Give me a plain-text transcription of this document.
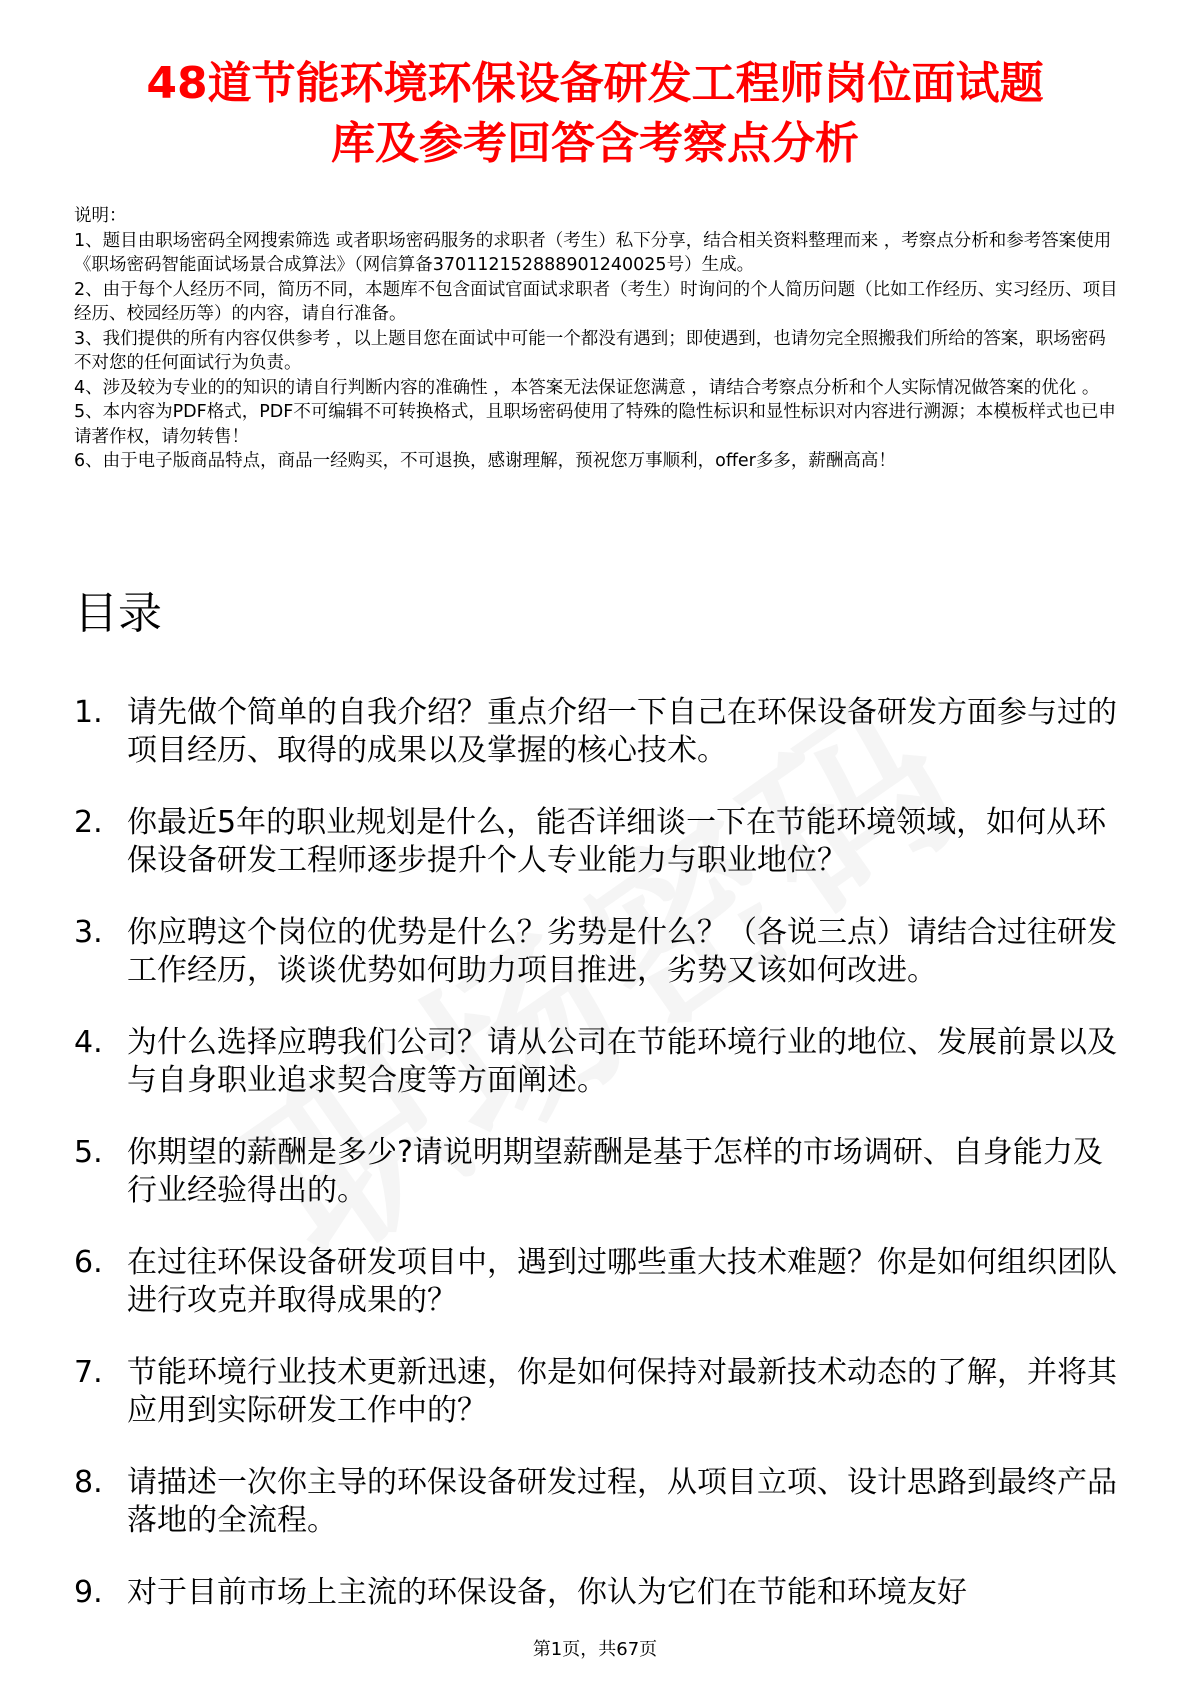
48道节能环境环保设备研发工程师岗位面试题
库及参考回答含考察点分析

说明：

1、题目由职场密码全网搜索筛选 或者职场密码服务的求职者（考生）私下分享，结合相关资料整理而来 ，考察点分析和参考答案使用《职场密码智能面试场景合成算法》（网信算备370112152888901240025号）生成。

2、由于每个人经历不同，简历不同，本题库不包含面试官面试求职者（考生）时询问的个人简历问题（比如工作经历、实习经历、项目经历、校园经历等）的内容，请自行准备。

3、我们提供的所有内容仅供参考 ，以上题目您在面试中可能一个都没有遇到；即使遇到，也请勿完全照搬我们所给的答案，职场密码不对您的任何面试行为负责。

4、涉及较为专业的的知识的请自行判断内容的准确性 ，本答案无法保证您满意 ，请结合考察点分析和个人实际情况做答案的优化 。

5、本内容为PDF格式，PDF不可编辑不可转换格式，且职场密码使用了特殊的隐性标识和显性标识对内容进行溯源；本模板样式也已申请著作权，请勿转售！

6、由于电子版商品特点，商品一经购买，不可退换，感谢理解，预祝您万事顺利，offer多多，薪酬高高！

目录
1. 请先做个简单的自我介绍？重点介绍一下自己在环保设备研发方面参与过的项目经历、取得的成果以及掌握的核心技术。
2. 你最近5年的职业规划是什么，能否详细谈一下在节能环境领域，如何从环保设备研发工程师逐步提升个人专业能力与职业地位？
3. 你应聘这个岗位的优势是什么？劣势是什么？（各说三点）请结合过往研发工作经历，谈谈优势如何助力项目推进，劣势又该如何改进。
4. 为什么选择应聘我们公司？请从公司在节能环境行业的地位、发展前景以及与自身职业追求契合度等方面阐述。
5. 你期望的薪酬是多少?请说明期望薪酬是基于怎样的市场调研、自身能力及行业经验得出的。
6. 在过往环保设备研发项目中，遇到过哪些重大技术难题？你是如何组织团队进行攻克并取得成果的？
7. 节能环境行业技术更新迅速，你是如何保持对最新技术动态的了解，并将其应用到实际研发工作中的？
8. 请描述一次你主导的环保设备研发过程，从项目立项、设计思路到最终产品落地的全流程。
9. 对于目前市场上主流的环保设备，你认为它们在节能和环境友好
第1页，共67页
